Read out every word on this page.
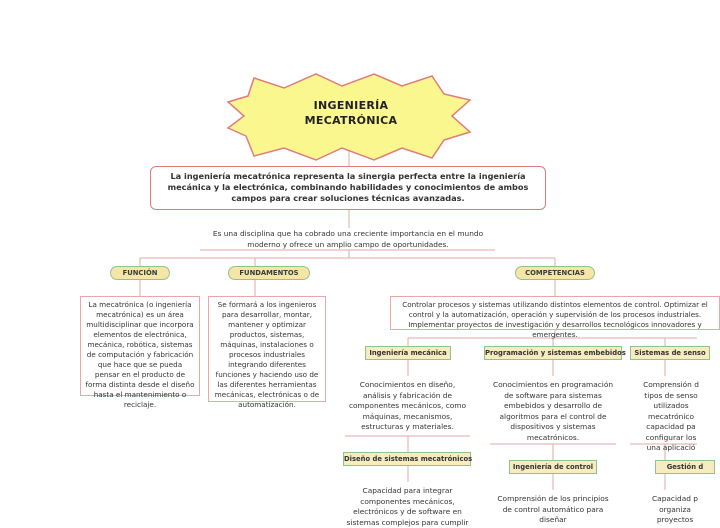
INGENIERÍA
MECATRÓNICA
La ingeniería mecatrónica representa la sinergia perfecta entre la ingeniería mecánica y la electrónica, combinando habilidades y conocimientos de ambos campos para crear soluciones técnicas avanzadas.
Es una disciplina que ha cobrado una creciente importancia en el mundo moderno y ofrece un amplio campo de oportunidades.
FUNCIÓN	FUNDAMENTOS	COMPETENCIAS
La mecatrónica (o ingeniería mecatrónica) es un área multidisciplinar que incorpora elementos de electrónica, mecánica, robótica, sistemas de computación y fabricación que hace que se pueda pensar en el producto de forma distinta desde el diseño hasta el mantenimiento o reciclaje.
Se formará a los ingenieros para desarrollar, montar, mantener y optimizar productos, sistemas, máquinas, instalaciones o procesos industriales integrando diferentes funciones y haciendo uso de las diferentes herramientas mecánicas, electrónicas o de automatización.
Controlar procesos y sistemas utilizando distintos elementos de control. Optimizar el control y la automatización, operación y supervisión de los procesos industriales. Implementar proyectos de investigación y desarrollos tecnológicos innovadores y emergentes.
Ingeniería mecánica	Programación y sistemas embebidos	Sistemas de senso
Conocimientos en diseño, análisis y fabricación de componentes mecánicos, como máquinas, mecanismos, estructuras y materiales.
Conocimientos en programación de software para sistemas embebidos y desarrollo de algoritmos para el control de dispositivos y sistemas mecatrónicos.
Comprensión d tipos de senso utilizados mecatrónico capacidad pa configurar los una aplicació
Diseño de sistemas mecatrónicos
Ingeniería de control	Gestión d
Capacidad para integrar componentes mecánicos, electrónicos y de software en sistemas complejos para cumplir
Comprensión de los principios de control automático para diseñar
Capacidad p organiza proyectos
